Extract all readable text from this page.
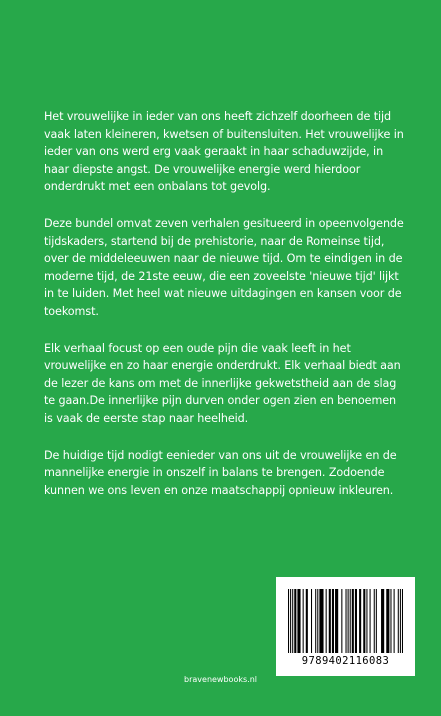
Het vrouwelijke in ieder van ons heeft zichzelf doorheen de tijd vaak laten kleineren, kwetsen of buitensluiten. Het vrouwelijke in ieder van ons werd erg vaak geraakt in haar schaduwzijde, in haar diepste angst. De vrouwelijke energie werd hierdoor onderdrukt met een onbalans tot gevolg.

Deze bundel omvat zeven verhalen gesitueerd in opeenvolgende tijdskaders, startend bij de prehistorie, naar de Romeinse tijd, over de middeleeuwen naar de nieuwe tijd. Om te eindigen in de moderne tijd, de 21ste eeuw, die een zoveelste 'nieuwe tijd' lijkt in te luiden. Met heel wat nieuwe uitdagingen en kansen voor de toekomst.

Elk verhaal focust op een oude pijn die vaak leeft in het vrouwelijke en zo haar energie onderdrukt. Elk verhaal biedt aan de lezer de kans om met de innerlijke gekwetstheid aan de slag te gaan.De innerlijke pijn durven onder ogen zien en benoemen is vaak de eerste stap naar heelheid.

De huidige tijd nodigt eenieder van ons uit de vrouwelijke en de mannelijke energie in onszelf in balans te brengen. Zodoende kunnen we ons leven en onze maatschappij opnieuw inkleuren.

9789402116083
bravenewbooks.nl
